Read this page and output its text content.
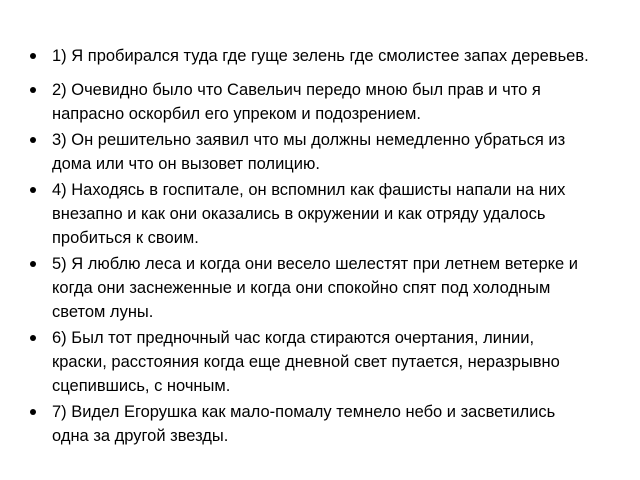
1) Я пробирался туда где гуще зелень где смолистее запах деревьев.
2) Очевидно было что Савельич передо мною был прав и что я
напрасно оскорбил его упреком и подозрением.
3) Он решительно заявил что мы должны немедленно убраться из
дома или что он вызовет полицию.
4) Находясь в госпитале, он вспомнил как фашисты напали на них
внезапно и как они оказались в окружении и как отряду удалось
пробиться к своим.
5) Я люблю леса и когда они весело шелестят при летнем ветерке и
когда они заснеженные и когда они спокойно спят под холодным
светом луны.
6) Был тот предночный час когда стираются очертания, линии,
краски, расстояния когда еще дневной свет путается, неразрывно
сцепившись, с ночным.
7) Видел Егорушка как мало-помалу темнело небо и засветились
одна за другой звезды.
